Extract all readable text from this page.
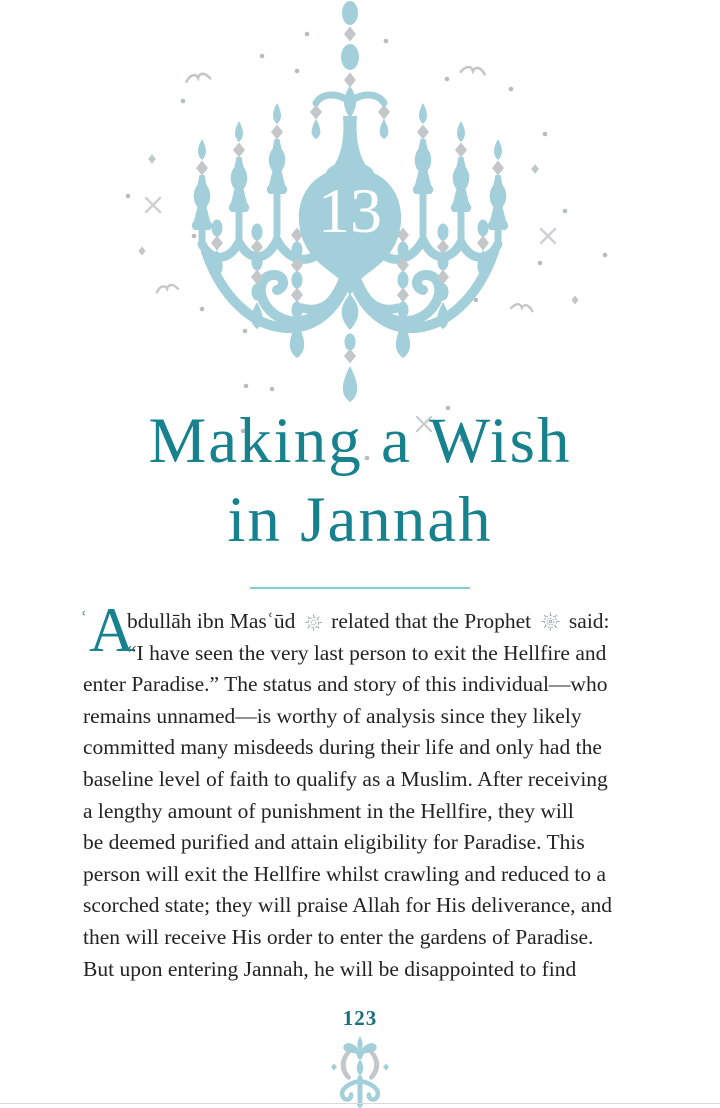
13
Making a Wish
in Jannah
ʿ A
bdullāh ibn Masʿūd related that the Prophet said:
“I have seen the very last person to exit the Hellfire and
enter Paradise.” The status and story of this individual—who
remains unnamed—is worthy of analysis since they likely
committed many misdeeds during their life and only had the
baseline level of faith to qualify as a Muslim. After receiving
a lengthy amount of punishment in the Hellfire, they will
be deemed purified and attain eligibility for Paradise. This
person will exit the Hellfire whilst crawling and reduced to a
scorched state; they will praise Allah for His deliverance, and
then will receive His order to enter the gardens of Paradise.
But upon entering Jannah, he will be disappointed to find
123
